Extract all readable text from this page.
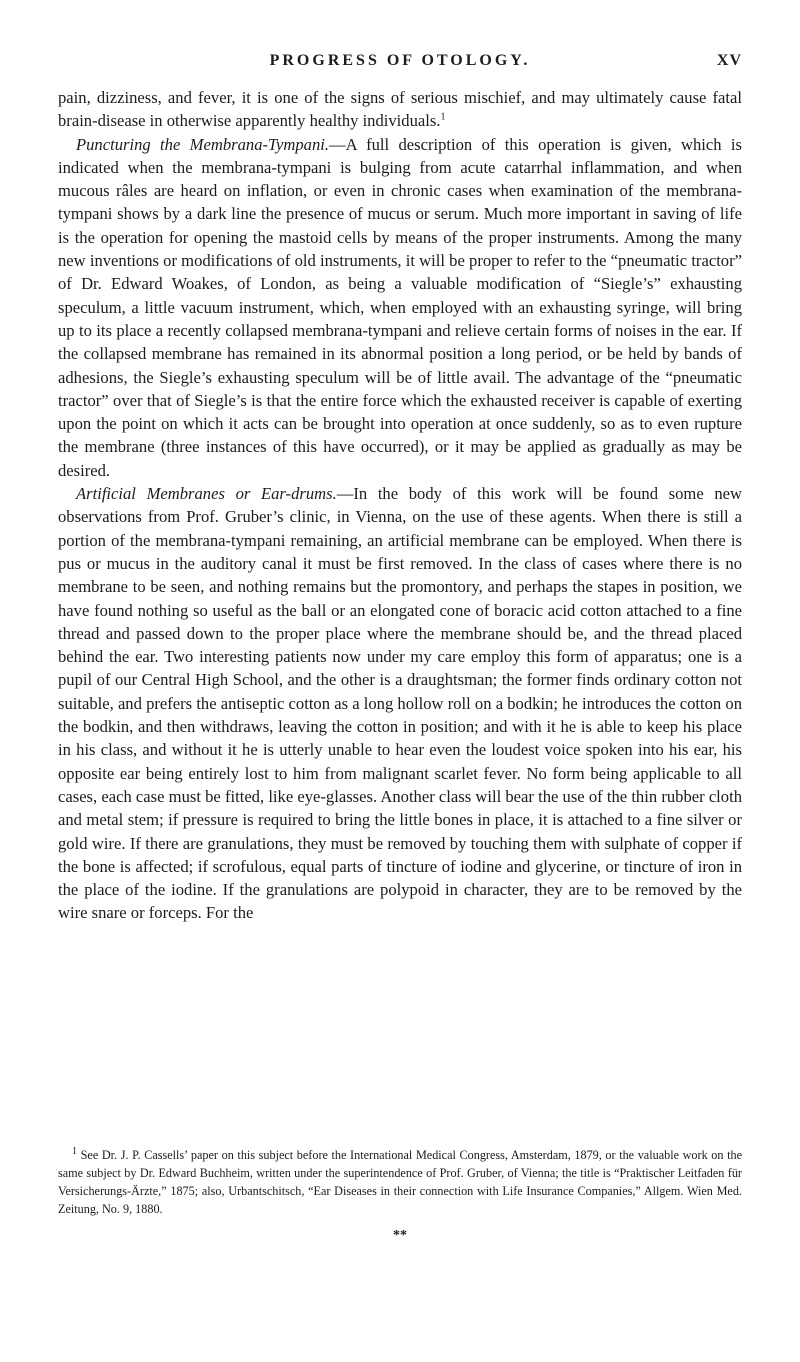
PROGRESS OF OTOLOGY.	XV

pain, dizziness, and fever, it is one of the signs of serious mischief, and may ultimately cause fatal brain-disease in otherwise apparently healthy individuals.$^1$

Puncturing the Membrana-Tympani.—A full description of this operation is given, which is indicated when the membrana-tympani is bulging from acute catarrhal inflammation, and when mucous râles are heard on inflation, or even in chronic cases when examination of the membrana-tympani shows by a dark line the presence of mucus or serum. Much more important in saving of life is the operation for opening the mastoid cells by means of the proper instruments. Among the many new inventions or modifications of old instruments, it will be proper to refer to the “pneumatic tractor” of Dr. Edward Woakes, of London, as being a valuable modification of “Siegle’s” exhausting speculum, a little vacuum instrument, which, when employed with an exhausting syringe, will bring up to its place a recently collapsed membrana-tympani and relieve certain forms of noises in the ear. If the collapsed membrane has remained in its abnormal position a long period, or be held by bands of adhesions, the Siegle’s exhausting speculum will be of little avail. The advantage of the “pneumatic tractor” over that of Siegle’s is that the entire force which the exhausted receiver is capable of exerting upon the point on which it acts can be brought into operation at once suddenly, so as to even rupture the membrane (three instances of this have occurred), or it may be applied as gradually as may be desired.

Artificial Membranes or Ear-drums.—In the body of this work will be found some new observations from Prof. Gruber’s clinic, in Vienna, on the use of these agents. When there is still a portion of the membrana-tympani remaining, an artificial membrane can be employed. When there is pus or mucus in the auditory canal it must be first removed. In the class of cases where there is no membrane to be seen, and nothing remains but the promontory, and perhaps the stapes in position, we have found nothing so useful as the ball or an elongated cone of boracic acid cotton attached to a fine thread and passed down to the proper place where the membrane should be, and the thread placed behind the ear. Two interesting patients now under my care employ this form of apparatus; one is a pupil of our Central High School, and the other is a draughtsman; the former finds ordinary cotton not suitable, and prefers the antiseptic cotton as a long hollow roll on a bodkin; he introduces the cotton on the bodkin, and then withdraws, leaving the cotton in position; and with it he is able to keep his place in his class, and without it he is utterly unable to hear even the loudest voice spoken into his ear, his opposite ear being entirely lost to him from malignant scarlet fever. No form being applicable to all cases, each case must be fitted, like eye-glasses. Another class will bear the use of the thin rubber cloth and metal stem; if pressure is required to bring the little bones in place, it is attached to a fine silver or gold wire. If there are granulations, they must be removed by touching them with sulphate of copper if the bone is affected; if scrofulous, equal parts of tincture of iodine and glycerine, or tincture of iron in the place of the iodine. If the granulations are polypoid in character, they are to be removed by the wire snare or forceps. For the

$^1$ See Dr. J. P. Cassells’ paper on this subject before the International Medical Congress, Amsterdam, 1879, or the valuable work on the same subject by Dr. Edward Buchheim, written under the superintendence of Prof. Gruber, of Vienna; the title is “Praktischer Leitfaden für Versicherungs-Ärzte,” 1875; also, Urbantschitsch, “Ear Diseases in their connection with Life Insurance Companies,” Allgem. Wien Med. Zeitung, No. 9, 1880.

**
